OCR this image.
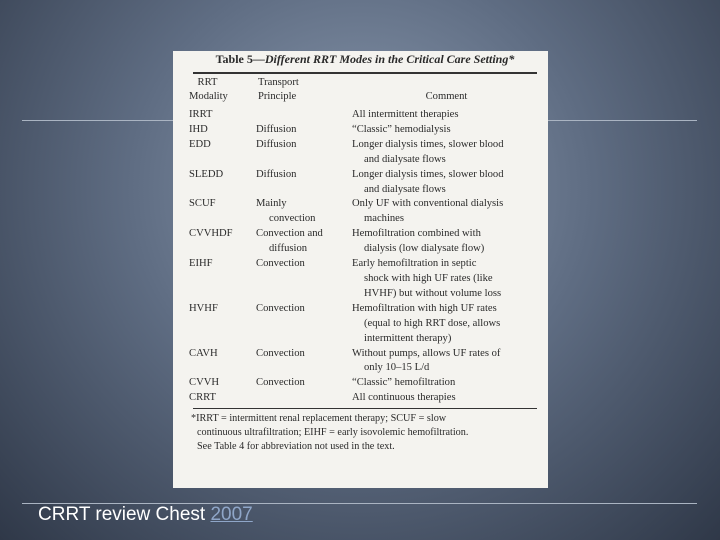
Table 5—Different RRT Modes in the Critical Care Setting*
RRT
Modality	Transport
Principle	Comment
IRRT		All intermittent therapies

IHD	Diffusion	“Classic” hemodialysis

EDD	Diffusion	Longer dialysis times, slower blood
and dialysate flows

SLEDD	Diffusion	Longer dialysis times, slower blood
and dialysate flows

SCUF	Mainly
convection	Only UF with conventional dialysis
machines

CVVHDF	Convection and
diffusion	Hemofiltration combined with
dialysis (low dialysate flow)

EIHF	Convection	Early hemofiltration in septic
shock with high UF rates (like
HVHF) but without volume loss

HVHF	Convection	Hemofiltration with high UF rates
(equal to high RRT dose, allows
intermittent therapy)

CAVH	Convection	Without pumps, allows UF rates of
only 10–15 L/d

CVVH	Convection	“Classic” hemofiltration

CRRT		All continuous therapies
*IRRT = intermittent renal replacement therapy; SCUF = slow
continuous ultrafiltration; EIHF = early isovolemic hemofiltration.
See Table 4 for abbreviation not used in the text.
CRRT review Chest 2007
